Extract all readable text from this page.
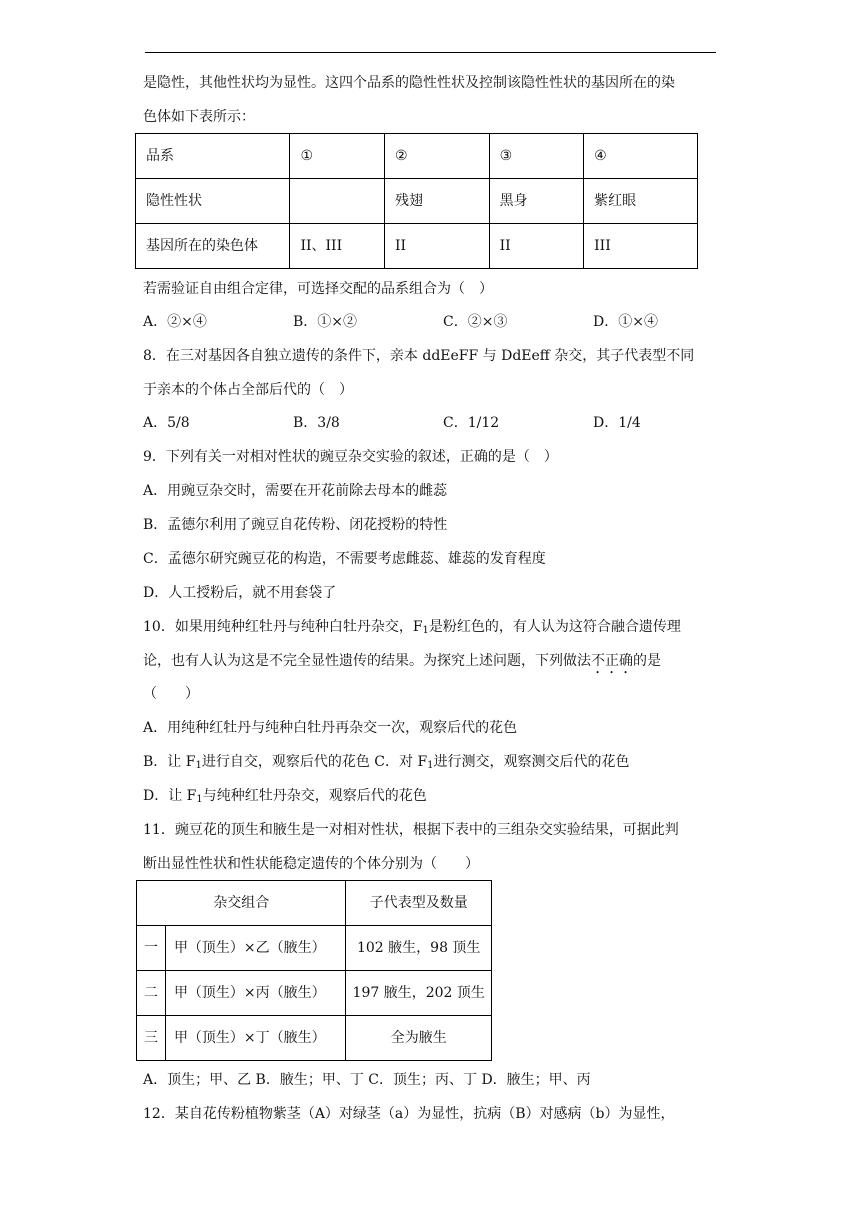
是隐性，其他性状均为显性。这四个品系的隐性性状及控制该隐性性状的基因所在的染
色体如下表所示：
品系	①	②	③	④
隐性性状		残翅	黑身	紫红眼
基因所在的染色体	II、III	II	II	III
若需验证自由组合定律，可选择交配的品系组合为（　）
A．②×④	B．①×②	C．②×③	D．①×④
8．在三对基因各自独立遗传的条件下，亲本 ddEeFF 与 DdEeff 杂交，其子代表型不同
于亲本的个体占全部后代的（　）
A．5/8	B．3/8	C．1/12	D．1/4
9．下列有关一对相对性状的豌豆杂交实验的叙述，正确的是（　）
A．用豌豆杂交时，需要在开花前除去母本的雌蕊
B．孟德尔利用了豌豆自花传粉、闭花授粉的特性
C．孟德尔研究豌豆花的构造，不需要考虑雌蕊、雄蕊的发育程度
D．人工授粉后，就不用套袋了
10．如果用纯种红牡丹与纯种白牡丹杂交，$F_1$是粉红色的，有人认为这符合融合遗传理
论，也有人认为这是不完全显性遗传的结果。为探究上述问题，下列做法不正确的是
（　　）
A．用纯种红牡丹与纯种白牡丹再杂交一次，观察后代的花色
B．让 $F_1$进行自交，观察后代的花色 C．对 $F_1$进行测交，观察测交后代的花色
D．让 $F_1$与纯种红牡丹杂交，观察后代的花色
11．豌豆花的顶生和腋生是一对相对性状，根据下表中的三组杂交实验结果，可据此判
断出显性性状和性状能稳定遗传的个体分别为（　　）
杂交组合		子代表型及数量
一	甲（顶生）×乙（腋生）	102 腋生，98 顶生
二	甲（顶生）×丙（腋生）	197 腋生，202 顶生
三	甲（顶生）×丁（腋生）	全为腋生
A．顶生；甲、乙 B．腋生；甲、丁 C．顶生；丙、丁 D．腋生；甲、丙
12．某自花传粉植物紫茎（A）对绿茎（a）为显性，抗病（B）对感病（b）为显性，
